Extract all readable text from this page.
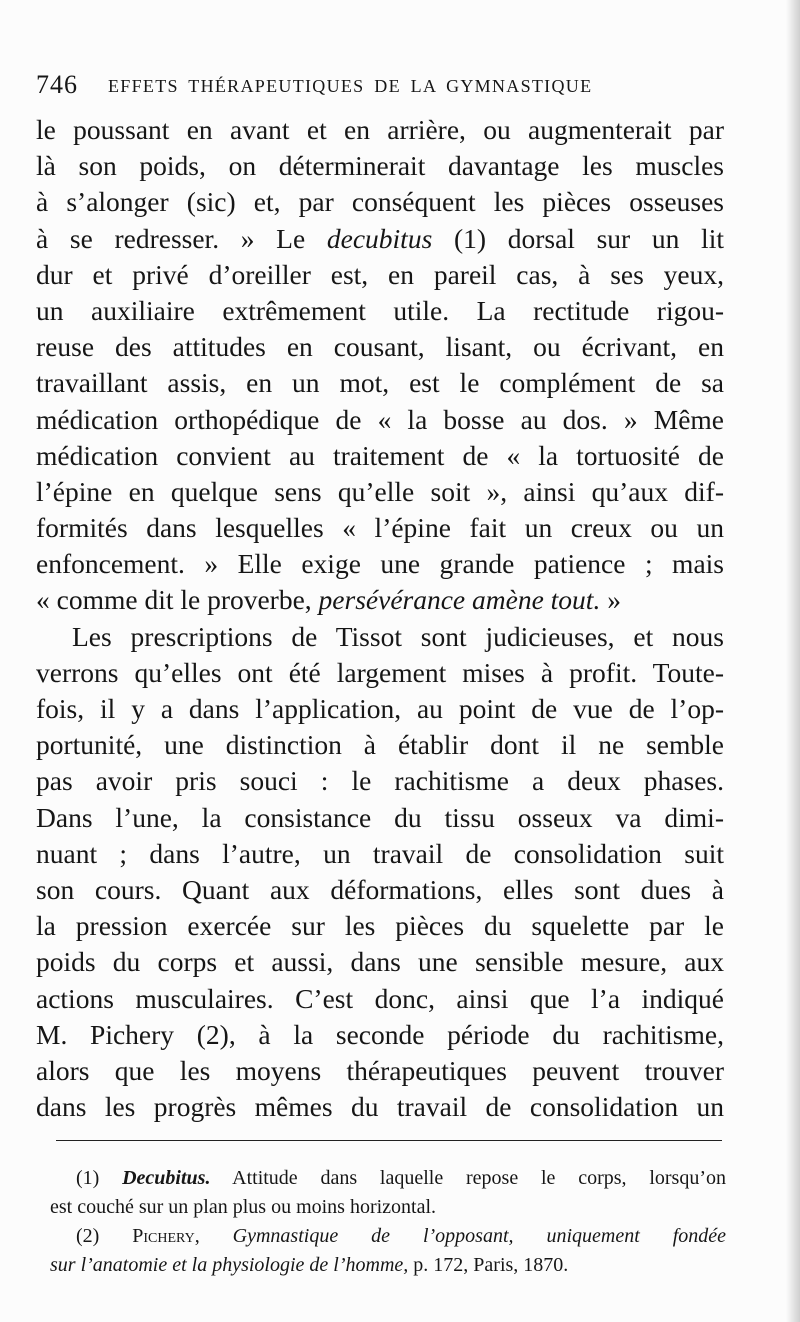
746 EFFETS THÉRAPEUTIQUES DE LA GYMNASTIQUE
le poussant en avant et en arrière, ou augmenterait par
là son poids, on déterminerait davantage les muscles
à s’alonger (sic) et, par conséquent les pièces osseuses
à se redresser. » Le decubitus (1) dorsal sur un lit
dur et privé d’oreiller est, en pareil cas, à ses yeux,
un auxiliaire extrêmement utile. La rectitude rigou-
reuse des attitudes en cousant, lisant, ou écrivant, en
travaillant assis, en un mot, est le complément de sa
médication orthopédique de « la bosse au dos. » Même
médication convient au traitement de « la tortuosité de
l’épine en quelque sens qu’elle soit », ainsi qu’aux dif-
formités dans lesquelles « l’épine fait un creux ou un
enfoncement. » Elle exige une grande patience ; mais
« comme dit le proverbe, persévérance amène tout. »
Les prescriptions de Tissot sont judicieuses, et nous
verrons qu’elles ont été largement mises à profit. Toute-
fois, il y a dans l’application, au point de vue de l’op-
portunité, une distinction à établir dont il ne semble
pas avoir pris souci : le rachitisme a deux phases.
Dans l’une, la consistance du tissu osseux va dimi-
nuant ; dans l’autre, un travail de consolidation suit
son cours. Quant aux déformations, elles sont dues à
la pression exercée sur les pièces du squelette par le
poids du corps et aussi, dans une sensible mesure, aux
actions musculaires. C’est donc, ainsi que l’a indiqué
M. Pichery (2), à la seconde période du rachitisme,
alors que les moyens thérapeutiques peuvent trouver
dans les progrès mêmes du travail de consolidation un
(1) Decubitus. Attitude dans laquelle repose le corps, lorsqu’on
est couché sur un plan plus ou moins horizontal.
(2) Pichery, Gymnastique de l’opposant, uniquement fondée
sur l’anatomie et la physiologie de l’homme, p. 172, Paris, 1870.
